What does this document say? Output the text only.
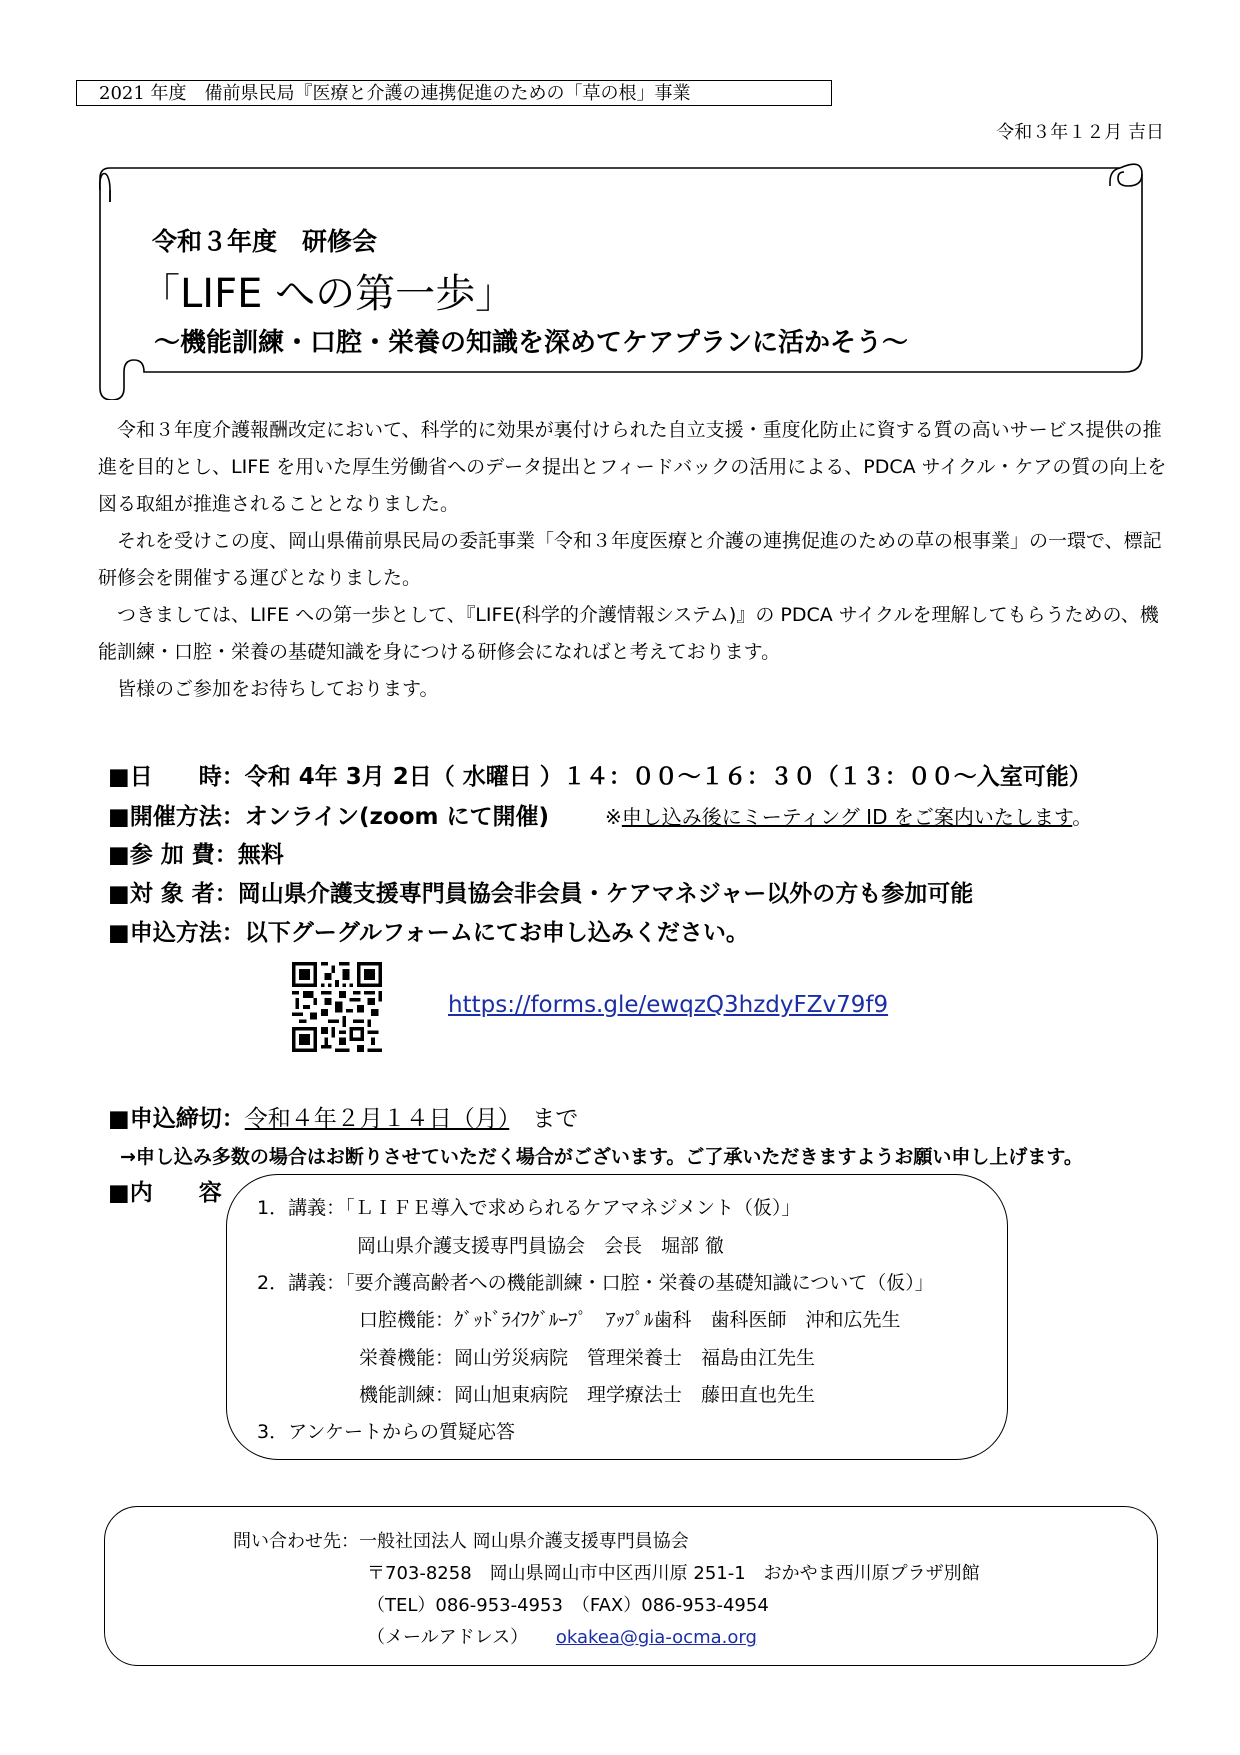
2021 年度　備前県民局『医療と介護の連携促進のための「草の根」事業
令和３年１２月 吉日
令和３年度　研修会
「LIFE への第一歩」
～機能訓練・口腔・栄養の知識を深めてケアプランに活かそう～

令和３年度介護報酬改定において、科学的に効果が裏付けられた自立支援・重度化防止に資する質の高いサービス提供の推進を目的とし、LIFE を用いた厚生労働省へのデータ提出とフィードバックの活用による、PDCA サイクル・ケアの質の向上を図る取組が推進されることとなりました。

それを受けこの度、岡山県備前県民局の委託事業「令和３年度医療と介護の連携促進のための草の根事業」の一環で、標記研修会を開催する運びとなりました。

つきましては、LIFE への第一歩として、『LIFE(科学的介護情報システム)』の PDCA サイクルを理解してもらうための、機能訓練・口腔・栄養の基礎知識を身につける研修会になればと考えております。

皆様のご参加をお待ちしております。

■日　　時：令和 4年 3月 2日（ 水曜日 ）１４：００～１６：３０（１３：００～入室可能）
■開催方法：オンライン(zoom にて開催)	※申し込み後にミーティング ID をご案内いたします。
■参 加 費：無料
■対 象 者：岡山県介護支援専門員協会非会員・ケアマネジャー以外の方も参加可能
■申込方法：以下グーグルフォームにてお申し込みください。
https://forms.gle/ewqzQ3hzdyFZv79f9
■申込締切：令和４年２月１４日（月）　まで
→申し込み多数の場合はお断りさせていただく場合がございます。ご了承いただきますようお願い申し上げます。
■内　　容
1．講義：「ＬＩＦＥ導入で求められるケアマネジメント（仮）」
岡山県介護支援専門員協会　会長　堀部 徹
2．講義：「要介護高齢者への機能訓練・口腔・栄養の基礎知識について（仮）」
口腔機能：ｸﾞｯﾄﾞﾗｲﾌｸﾞﾙｰﾌﾟ　ｱｯﾌﾟﾙ歯科　歯科医師　沖和広先生
栄養機能：岡山労災病院　管理栄養士　福島由江先生
機能訓練：岡山旭東病院　理学療法士　藤田直也先生
3．アンケートからの質疑応答
問い合わせ先：一般社団法人 岡山県介護支援専門員協会
〒703-8258　岡山県岡山市中区西川原 251-1　おかやま西川原プラザ別館
（TEL）086-953-4953　（FAX）086-953-4954
（メールアドレス） okakea@gia-ocma.org
